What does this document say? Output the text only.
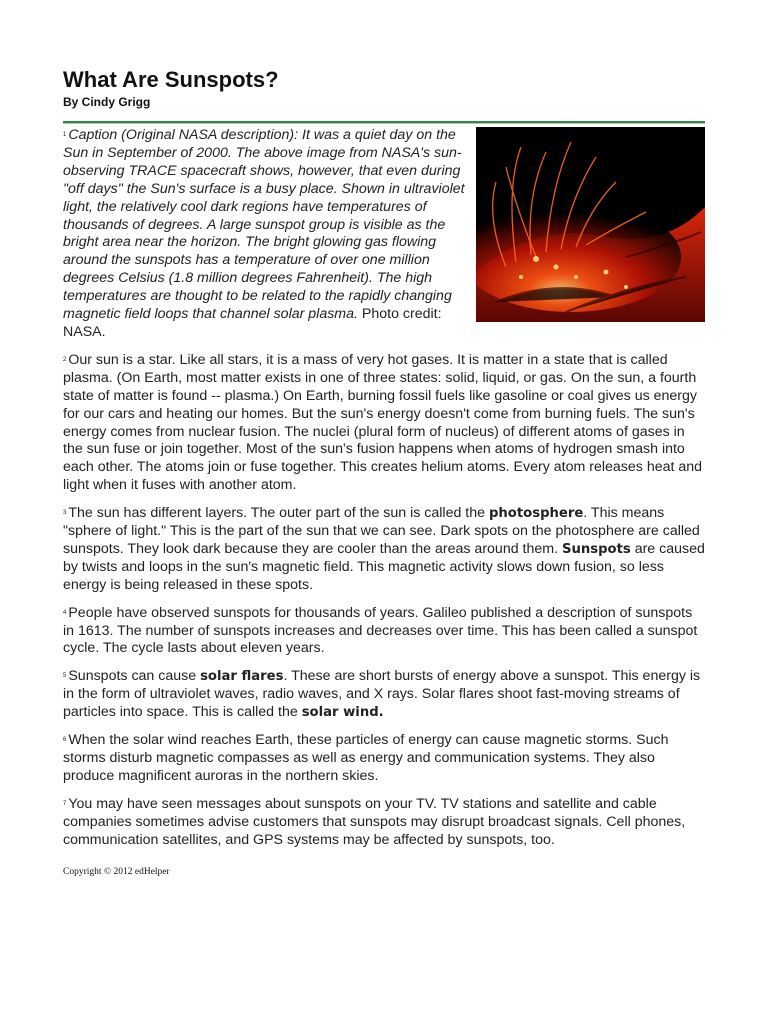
What Are Sunspots?
By Cindy Grigg

$^1$ Caption (Original NASA description): It was a quiet day on the Sun in September of 2000. The above image from NASA's sun-observing TRACE spacecraft shows, however, that even during "off days" the Sun's surface is a busy place. Shown in ultraviolet light, the relatively cool dark regions have temperatures of thousands of degrees. A large sunspot group is visible as the bright area near the horizon. The bright glowing gas flowing around the sunspots has a temperature of over one million degrees Celsius (1.8 million degrees Fahrenheit). The high temperatures are thought to be related to the rapidly changing magnetic field loops that channel solar plasma. Photo credit: NASA.

$^2$ Our sun is a star. Like all stars, it is a mass of very hot gases. It is matter in a state that is called plasma. (On Earth, most matter exists in one of three states: solid, liquid, or gas. On the sun, a fourth state of matter is found -- plasma.) On Earth, burning fossil fuels like gasoline or coal gives us energy for our cars and heating our homes. But the sun's energy doesn't come from burning fuels. The sun's energy comes from nuclear fusion. The nuclei (plural form of nucleus) of different atoms of gases in the sun fuse or join together. Most of the sun's fusion happens when atoms of hydrogen smash into each other. The atoms join or fuse together. This creates helium atoms. Every atom releases heat and light when it fuses with another atom.

$^3$ The sun has different layers. The outer part of the sun is called the photosphere. This means "sphere of light." This is the part of the sun that we can see. Dark spots on the photosphere are called sunspots. They look dark because they are cooler than the areas around them. Sunspots are caused by twists and loops in the sun's magnetic field. This magnetic activity slows down fusion, so less energy is being released in these spots.

$^4$ People have observed sunspots for thousands of years. Galileo published a description of sunspots in 1613. The number of sunspots increases and decreases over time. This has been called a sunspot cycle. The cycle lasts about eleven years.

$^5$ Sunspots can cause solar flares. These are short bursts of energy above a sunspot. This energy is in the form of ultraviolet waves, radio waves, and X rays. Solar flares shoot fast-moving streams of particles into space. This is called the solar wind.

$^6$ When the solar wind reaches Earth, these particles of energy can cause magnetic storms. Such storms disturb magnetic compasses as well as energy and communication systems. They also produce magnificent auroras in the northern skies.

$^7$ You may have seen messages about sunspots on your TV. TV stations and satellite and cable companies sometimes advise customers that sunspots may disrupt broadcast signals. Cell phones, communication satellites, and GPS systems may be affected by sunspots, too.

Copyright © 2012 edHelper
